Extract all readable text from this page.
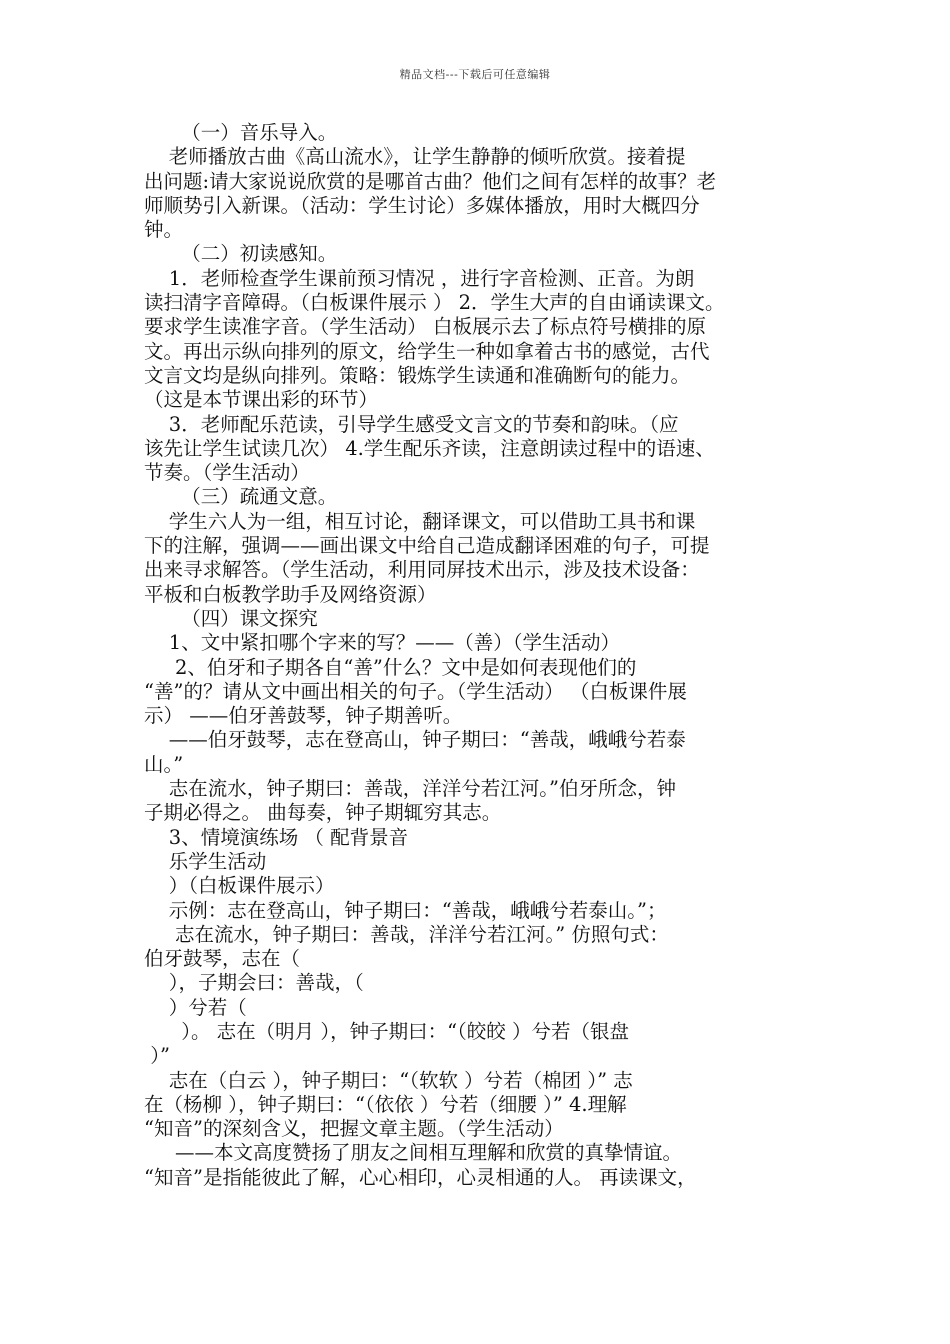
精品文档---下载后可任意编辑
（一）音乐导入。
老师播放古曲《高山流水》，让学生静静的倾听欣赏。接着提
出问题:请大家说说欣赏的是哪首古曲？他们之间有怎样的故事？老
师顺势引入新课。（活动：学生讨论）多媒体播放，用时大概四分
钟。
（二）初读感知。
1．老师检查学生课前预习情况 ，进行字音检测、正音。为朗
读扫清字音障碍。（白板课件展示 ） 2．学生大声的自由诵读课文。
要求学生读准字音。（学生活动） 白板展示去了标点符号横排的原
文。再出示纵向排列的原文，给学生一种如拿着古书的感觉，古代
文言文均是纵向排列。策略：锻炼学生读通和准确断句的能力。
（这是本节课出彩的环节）
3．老师配乐范读，引导学生感受文言文的节奏和韵味。（应
该先让学生试读几次） 4.学生配乐齐读，注意朗读过程中的语速、
节奏。（学生活动）
（三）疏通文意。
学生六人为一组，相互讨论，翻译课文，可以借助工具书和课
下的注解，强调——画出课文中给自己造成翻译困难的句子，可提
出来寻求解答。（学生活动，利用同屏技术出示，涉及技术设备：
平板和白板教学助手及网络资源）
（四）课文探究
1、文中紧扣哪个字来的写？——（善）（学生活动）
2、伯牙和子期各自“善”什么？文中是如何表现他们的
“善”的？请从文中画出相关的句子。（学生活动） （白板课件展
示） ——伯牙善鼓琴，钟子期善听。
——伯牙鼓琴，志在登高山，钟子期曰：“善哉，峨峨兮若泰
山。”
志在流水，钟子期曰：善哉，洋洋兮若江河。”伯牙所念，钟
子期必得之。 曲每奏，钟子期辄穷其志。
3、情境演练场 （ 配背景音
乐学生活动
）（白板课件展示）
示例：志在登高山，钟子期曰：“善哉，峨峨兮若泰山。”；
志在流水，钟子期曰：善哉，洋洋兮若江河。” 仿照句式：
伯牙鼓琴，志在（
），子期会曰：善哉，（
）兮若（
）。 志在（明月 ），钟子期曰：“（皎皎 ）兮若（银盘
）”
志在（白云 ），钟子期曰：“（软软 ）兮若（棉团 ）” 志
在（杨柳 ），钟子期曰：“（依依 ）兮若（细腰 ）” 4.理解
“知音”的深刻含义，把握文章主题。（学生活动）
——本文高度赞扬了朋友之间相互理解和欣赏的真挚情谊。
“知音”是指能彼此了解，心心相印，心灵相通的人。 再读课文，
